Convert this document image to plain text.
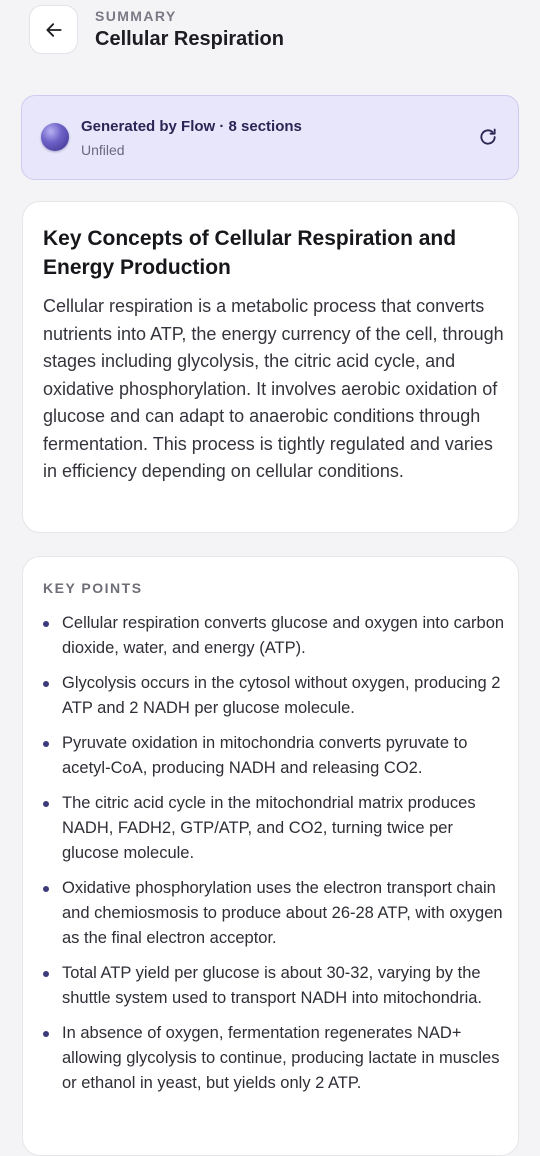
SUMMARY
Cellular Respiration
Generated by Flow · 8 sections
Unfiled
Key Concepts of Cellular Respiration and Energy Production
Cellular respiration is a metabolic process that converts nutrients into ATP, the energy currency of the cell, through stages including glycolysis, the citric acid cycle, and oxidative phosphorylation. It involves aerobic oxidation of glucose and can adapt to anaerobic conditions through fermentation. This process is tightly regulated and varies in efficiency depending on cellular conditions.
KEY POINTS
Cellular respiration converts glucose and oxygen into carbon dioxide, water, and energy (ATP).
Glycolysis occurs in the cytosol without oxygen, producing 2 ATP and 2 NADH per glucose molecule.
Pyruvate oxidation in mitochondria converts pyruvate to acetyl-CoA, producing NADH and releasing CO2.
The citric acid cycle in the mitochondrial matrix produces NADH, FADH2, GTP/ATP, and CO2, turning twice per glucose molecule.
Oxidative phosphorylation uses the electron transport chain and chemiosmosis to produce about 26-28 ATP, with oxygen as the final electron acceptor.
Total ATP yield per glucose is about 30-32, varying by the shuttle system used to transport NADH into mitochondria.
In absence of oxygen, fermentation regenerates NAD+ allowing glycolysis to continue, producing lactate in muscles or ethanol in yeast, but yields only 2 ATP.
